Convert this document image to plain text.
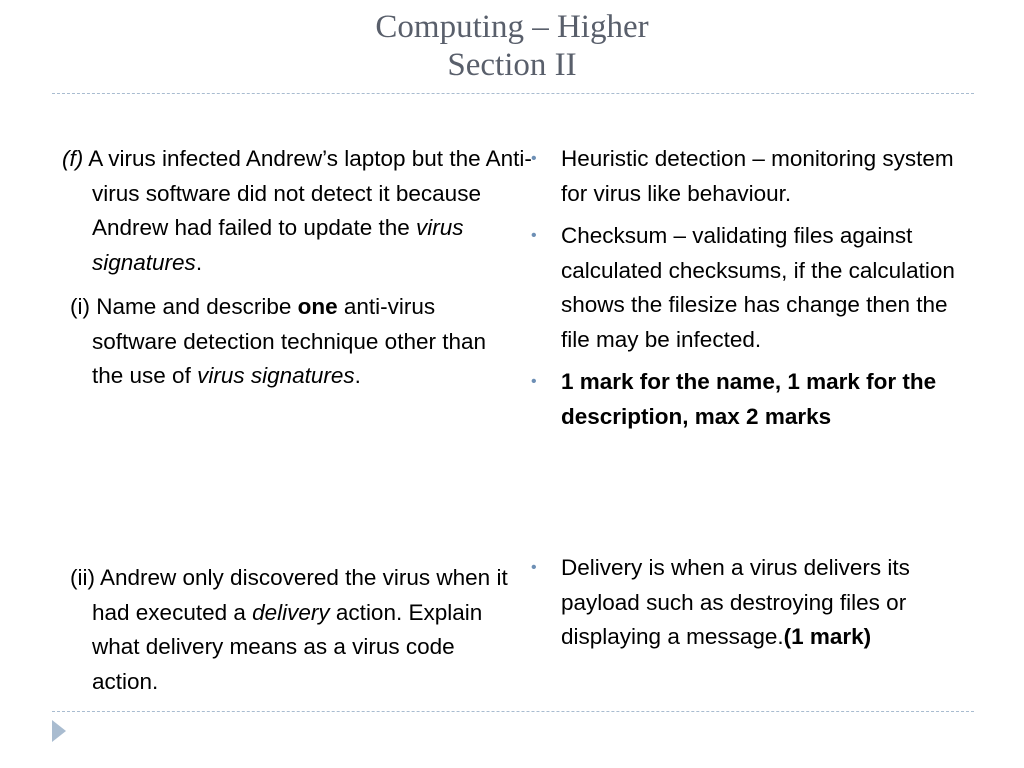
Computing – Higher
Section II
(f) A virus infected Andrew’s laptop but the Anti-virus software did not detect it because Andrew had failed to update the virus signatures.
(i) Name and describe one anti-virus software detection technique other than the use of virus signatures.
(ii) Andrew only discovered the virus when it had executed a delivery action. Explain what delivery means as a virus code action.
• Heuristic detection – monitoring system for virus like behaviour.
• Checksum – validating files against calculated checksums, if the calculation shows the filesize has change then the file may be infected.
• 1 mark for the name, 1 mark for the description, max 2 marks
• Delivery is when a virus delivers its payload such as destroying files or displaying a message.(1 mark)
